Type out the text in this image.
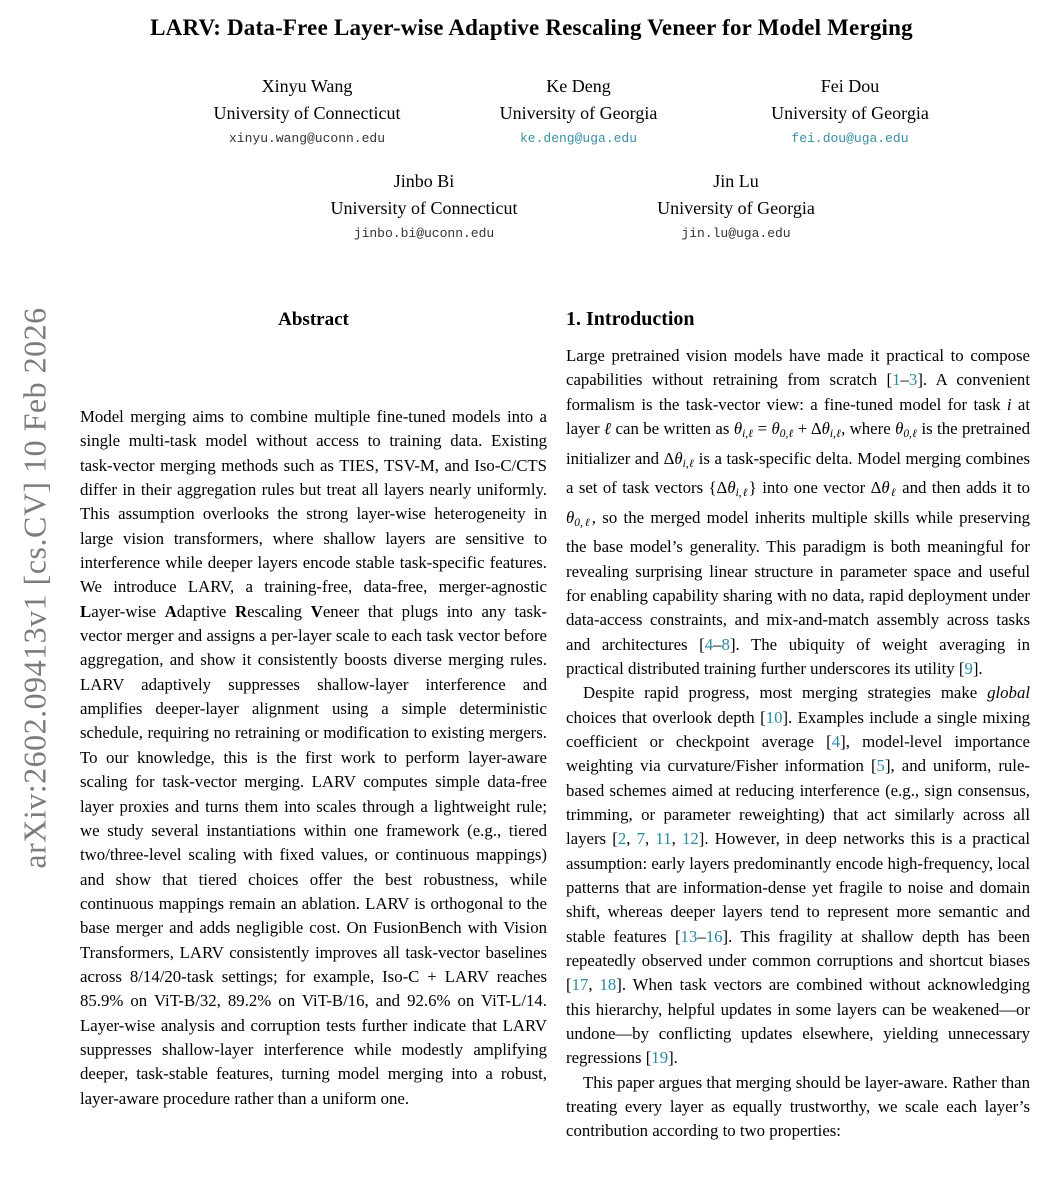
arXiv:2602.09413v1 [cs.CV] 10 Feb 2026
LARV: Data-Free Layer-wise Adaptive Rescaling Veneer for Model Merging
Xinyu Wang
University of Connecticut
xinyu.wang@uconn.edu
Ke Deng
University of Georgia
ke.deng@uga.edu
Fei Dou
University of Georgia
fei.dou@uga.edu
Jinbo Bi
University of Connecticut
jinbo.bi@uconn.edu
Jin Lu
University of Georgia
jin.lu@uga.edu
Abstract

Model merging aims to combine multiple fine-tuned models into a single multi-task model without access to training data. Existing task-vector merging methods such as TIES, TSV-M, and Iso-C/CTS differ in their aggregation rules but treat all layers nearly uniformly. This assumption overlooks the strong layer-wise heterogeneity in large vision transformers, where shallow layers are sensitive to interference while deeper layers encode stable task-specific features. We introduce LARV, a training-free, data-free, merger-agnostic Layer-wise Adaptive Rescaling Veneer that plugs into any task-vector merger and assigns a per-layer scale to each task vector before aggregation, and show it consistently boosts diverse merging rules. LARV adaptively suppresses shallow-layer interference and amplifies deeper-layer alignment using a simple deterministic schedule, requiring no retraining or modification to existing mergers. To our knowledge, this is the first work to perform layer-aware scaling for task-vector merging. LARV computes simple data-free layer proxies and turns them into scales through a lightweight rule; we study several instantiations within one framework (e.g., tiered two/three-level scaling with fixed values, or continuous mappings) and show that tiered choices offer the best robustness, while continuous mappings remain an ablation. LARV is orthogonal to the base merger and adds negligible cost. On FusionBench with Vision Transformers, LARV consistently improves all task-vector baselines across 8/14/20-task settings; for example, Iso-C + LARV reaches 85.9% on ViT-B/32, 89.2% on ViT-B/16, and 92.6% on ViT-L/14. Layer-wise analysis and corruption tests further indicate that LARV suppresses shallow-layer interference while modestly amplifying deeper, task-stable features, turning model merging into a robust, layer-aware procedure rather than a uniform one.

1. Introduction

Large pretrained vision models have made it practical to compose capabilities without retraining from scratch [1–3]. A convenient formalism is the task-vector view: a fine-tuned model for task i at layer ℓ can be written as θi,ℓ = θ0,ℓ + Δθi,ℓ, where θ0,ℓ is the pretrained initializer and Δθi,ℓ is a task-specific delta. Model merging combines a set of task vectors {Δθi,ℓ} into one vector Δθℓ and then adds it to θ0,ℓ, so the merged model inherits multiple skills while preserving the base model’s generality. This paradigm is both meaningful for revealing surprising linear structure in parameter space and useful for enabling capability sharing with no data, rapid deployment under data-access constraints, and mix-and-match assembly across tasks and architectures [4–8]. The ubiquity of weight averaging in practical distributed training further underscores its utility [9].

Despite rapid progress, most merging strategies make global choices that overlook depth [10]. Examples include a single mixing coefficient or checkpoint average [4], model-level importance weighting via curvature/Fisher information [5], and uniform, rule-based schemes aimed at reducing interference (e.g., sign consensus, trimming, or parameter reweighting) that act similarly across all layers [2, 7, 11, 12]. However, in deep networks this is a practical assumption: early layers predominantly encode high-frequency, local patterns that are information-dense yet fragile to noise and domain shift, whereas deeper layers tend to represent more semantic and stable features [13–16]. This fragility at shallow depth has been repeatedly observed under common corruptions and shortcut biases [17, 18]. When task vectors are combined without acknowledging this hierarchy, helpful updates in some layers can be weakened—or undone—by conflicting updates elsewhere, yielding unnecessary regressions [19].

This paper argues that merging should be layer-aware. Rather than treating every layer as equally trustworthy, we scale each layer’s contribution according to two properties:
